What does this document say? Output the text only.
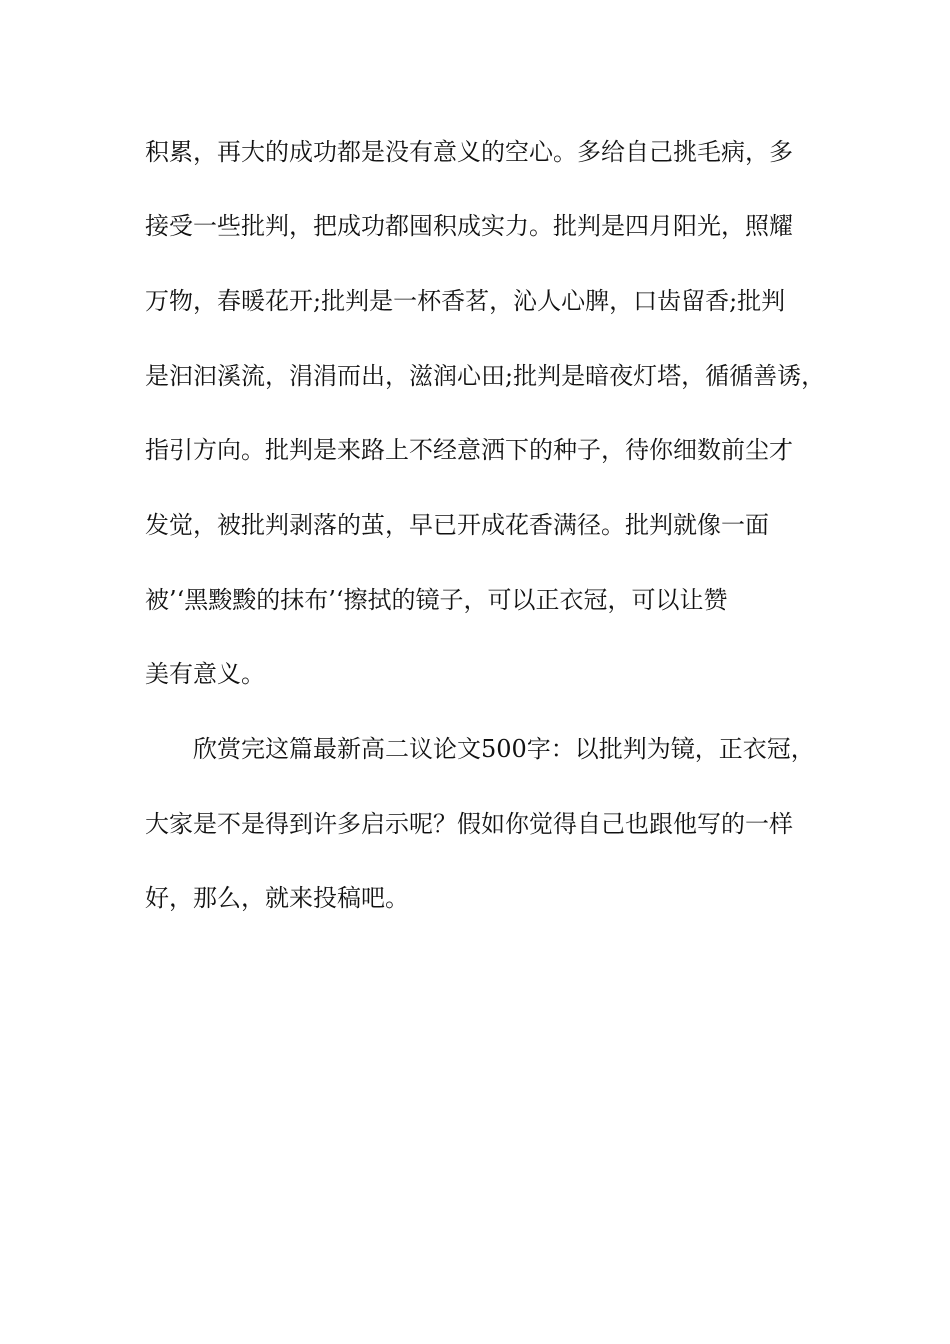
积累，再大的成功都是没有意义的空心。多给自己挑毛病，多
接受一些批判，把成功都囤积成实力。批判是四月阳光，照耀
万物，春暖花开;批判是一杯香茗，沁人心脾，口齿留香;批判
是汩汩溪流，涓涓而出，滋润心田;批判是暗夜灯塔，循循善诱，
指引方向。批判是来路上不经意洒下的种子，待你细数前尘才
发觉，被批判剥落的茧，早已开成花香满径。批判就像一面
被’‘黑黢黢的抹布’‘擦拭的镜子，可以正衣冠，可以让赞
美有意义。
欣赏完这篇最新高二议论文500字：以批判为镜，正衣冠，
大家是不是得到许多启示呢？假如你觉得自己也跟他写的一样
好，那么，就来投稿吧。
